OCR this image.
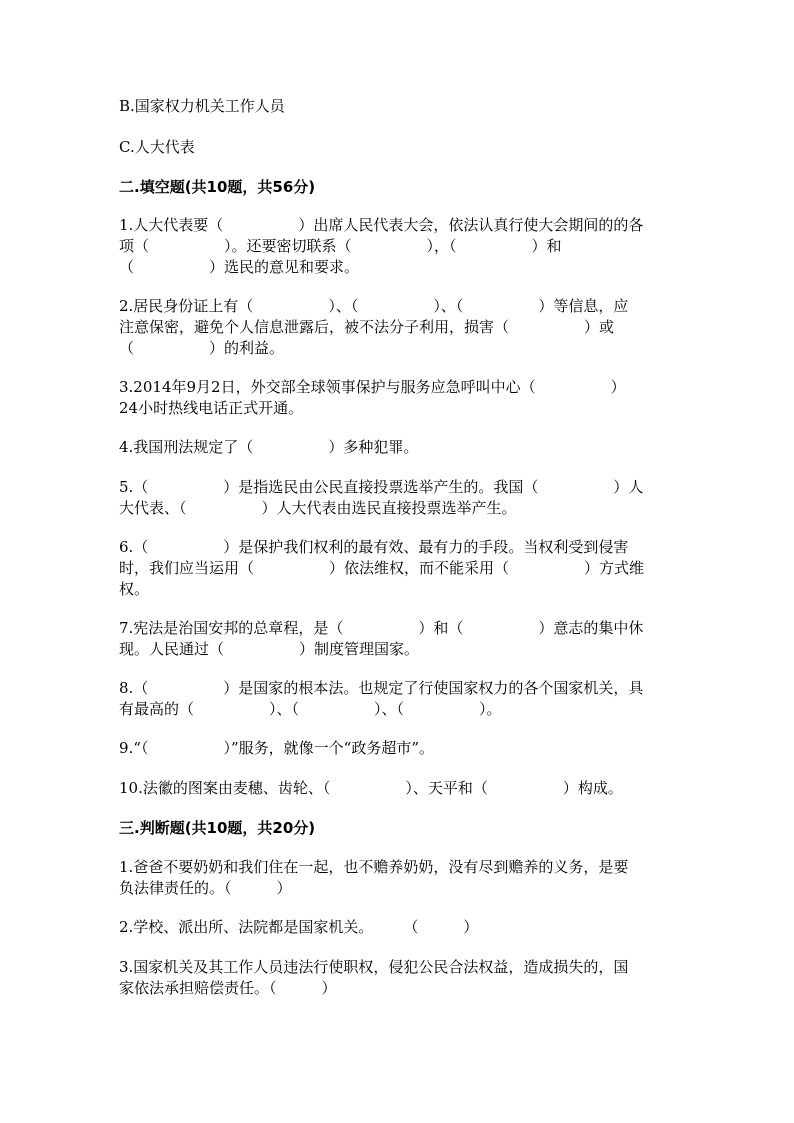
B.国家权力机关工作人员
C.人大代表
二.填空题(共10题，共56分)
1.人大代表要（　　　　　）出席人民代表大会，依法认真行使大会期间的的各
项（　　　　　）。还要密切联系（　　　　　），（　　　　　）和
（　　　　　）选民的意见和要求。
2.居民身份证上有（　　　　　）、（　　　　　）、（　　　　　）等信息，应
注意保密，避免个人信息泄露后，被不法分子利用，损害（　　　　　）或
（　　　　　）的利益。
3.2014年9月2日，外交部全球领事保护与服务应急呼叫中心（　　　　　）
24小时热线电话正式开通。
4.我国刑法规定了（　　　　　）多种犯罪。
5.（　　　　　）是指选民由公民直接投票选举产生的。我国（　　　　　）人
大代表、（　　　　　）人大代表由选民直接投票选举产生。
6.（　　　　　）是保护我们权利的最有效、最有力的手段。当权利受到侵害
时，我们应当运用（　　　　　）依法维权，而不能采用（　　　　　）方式维
权。
7.宪法是治国安邦的总章程，是（　　　　　）和（　　　　　）意志的集中休
现。人民通过（　　　　　）制度管理国家。
8.（　　　　　）是国家的根本法。也规定了行使国家权力的各个国家机关，具
有最高的（　　　　　）、（　　　　　）、（　　　　　）。
9.“（　　　　　）”服务，就像一个“政务超市”。
10.法徽的图案由麦穗、齿轮、（　　　　　）、天平和（　　　　　）构成。
三.判断题(共10题，共20分)
1.爸爸不要奶奶和我们住在一起，也不赡养奶奶，没有尽到赡养的义务，是要
负法律责任的。（　　　）
2.学校、派出所、法院都是国家机关。　　　（　　　）
3.国家机关及其工作人员违法行使职权，侵犯公民合法权益，造成损失的，国
家依法承担赔偿责任。（　　　）
